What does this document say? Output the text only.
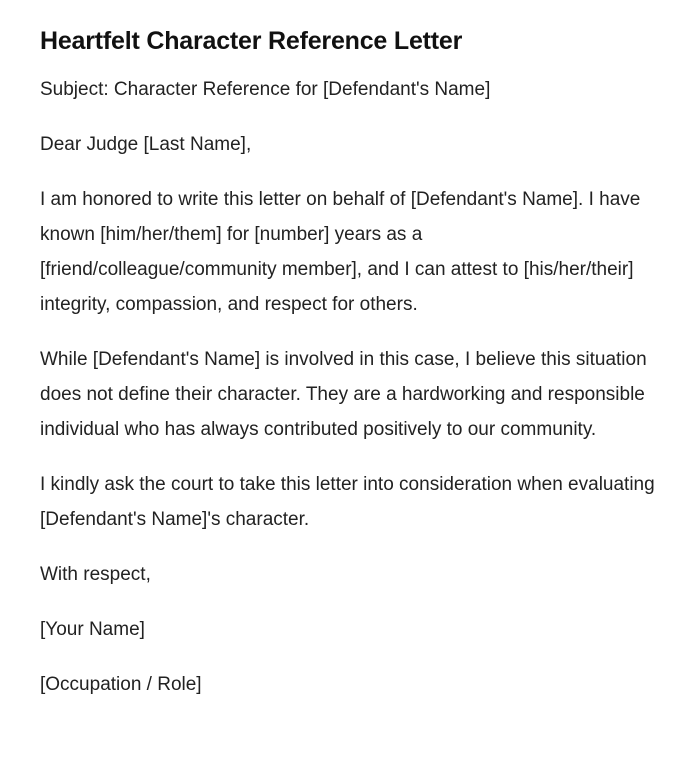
Heartfelt Character Reference Letter

Subject: Character Reference for [Defendant's Name]

Dear Judge [Last Name],

I am honored to write this letter on behalf of [Defendant's Name]. I have known [him/her/them] for [number] years as a [friend/colleague/community member], and I can attest to [his/her/their] integrity, compassion, and respect for others.

While [Defendant's Name] is involved in this case, I believe this situation does not define their character. They are a hardworking and responsible individual who has always contributed positively to our community.

I kindly ask the court to take this letter into consideration when evaluating [Defendant's Name]'s character.

With respect,

[Your Name]

[Occupation / Role]
